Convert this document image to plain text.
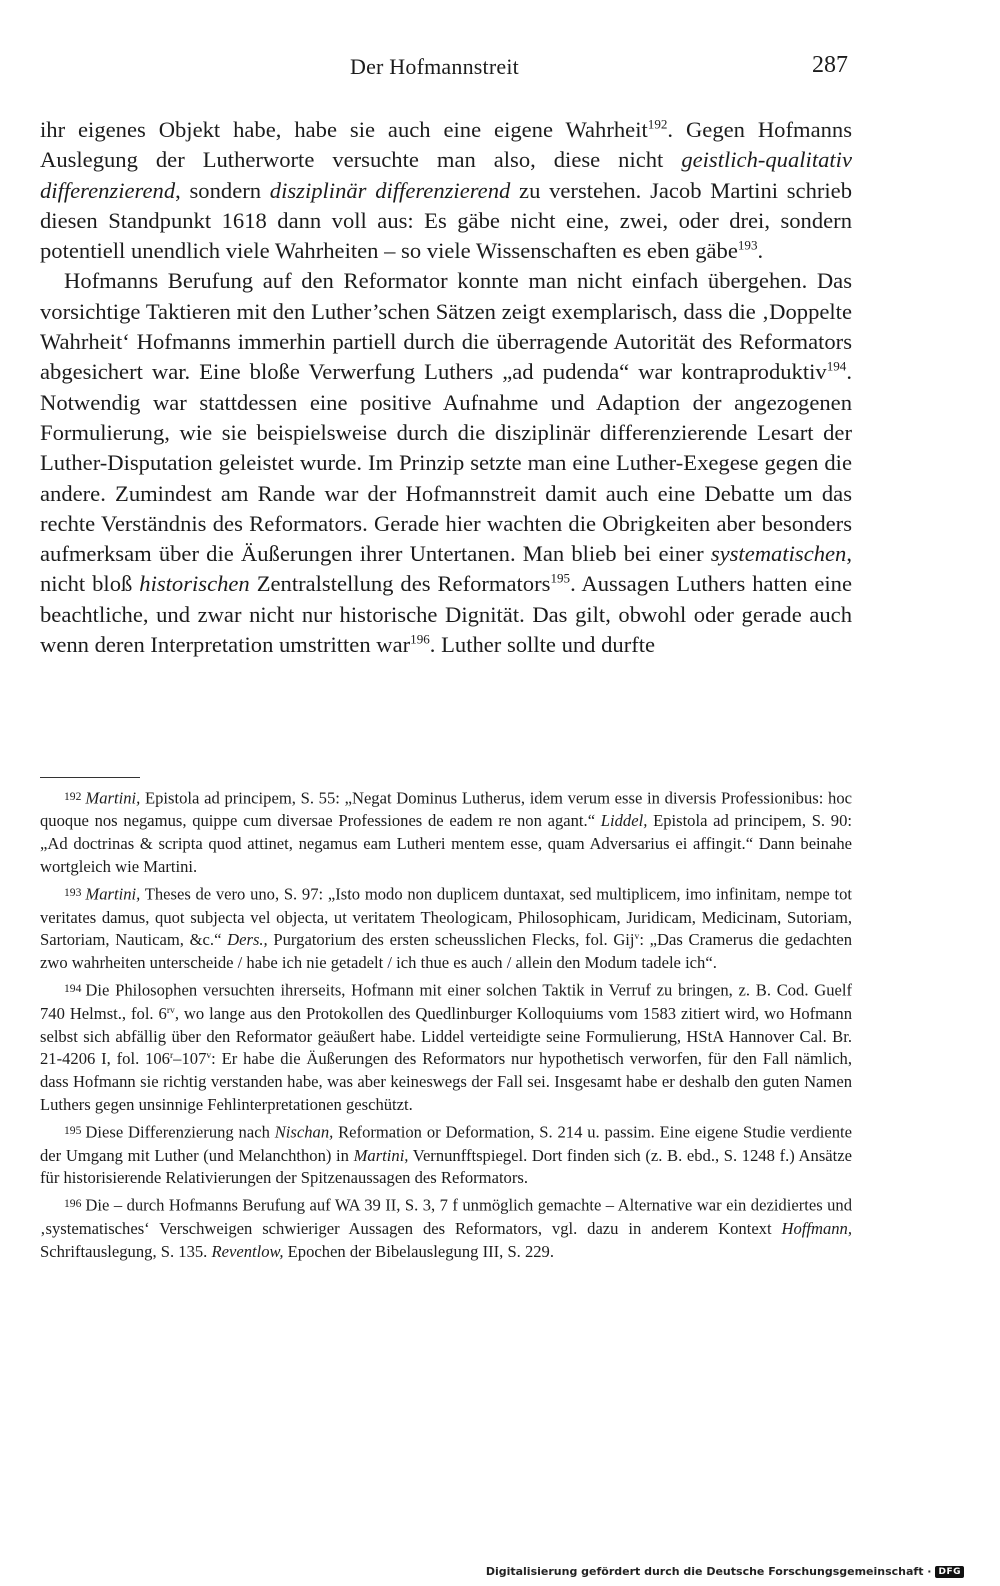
Der Hofmannstreit	287

ihr eigenes Objekt habe, habe sie auch eine eigene Wahrheit$^{192}$. Gegen Hofmanns Auslegung der Lutherworte versuchte man also, diese nicht geistlich-qualitativ differenzierend, sondern disziplinär differenzierend zu verstehen. Jacob Martini schrieb diesen Standpunkt 1618 dann voll aus: Es gäbe nicht eine, zwei, oder drei, sondern potentiell unendlich viele Wahrheiten – so viele Wissenschaften es eben gäbe$^{193}$.

Hofmanns Berufung auf den Reformator konnte man nicht einfach übergehen. Das vorsichtige Taktieren mit den Luther’schen Sätzen zeigt exemplarisch, dass die ‚Doppelte Wahrheit‘ Hofmanns immerhin partiell durch die überragende Autorität des Reformators abgesichert war. Eine bloße Verwerfung Luthers „ad pudenda“ war kontraproduktiv$^{194}$. Notwendig war stattdessen eine positive Aufnahme und Adaption der angezogenen Formulierung, wie sie beispielsweise durch die disziplinär differenzierende Lesart der Luther-Disputation geleistet wurde. Im Prinzip setzte man eine Luther-Exegese gegen die andere. Zumindest am Rande war der Hofmannstreit damit auch eine Debatte um das rechte Verständnis des Reformators. Gerade hier wachten die Obrigkeiten aber besonders aufmerksam über die Äußerungen ihrer Untertanen. Man blieb bei einer systematischen, nicht bloß historischen Zentralstellung des Reformators$^{195}$. Aussagen Luthers hatten eine beachtliche, und zwar nicht nur historische Dignität. Das gilt, obwohl oder gerade auch wenn deren Interpretation umstritten war$^{196}$. Luther sollte und durfte

$^{192}$ Martini, Epistola ad principem, S. 55: „Negat Dominus Lutherus, idem verum esse in diversis Professionibus: hoc quoque nos negamus, quippe cum diversae Professiones de eadem re non agant.“ Liddel, Epistola ad principem, S. 90: „Ad doctrinas & scripta quod attinet, negamus eam Lutheri mentem esse, quam Adversarius ei affingit.“ Dann beinahe wortgleich wie Martini.

$^{193}$ Martini, Theses de vero uno, S. 97: „Isto modo non duplicem duntaxat, sed multiplicem, imo infinitam, nempe tot veritates damus, quot subjecta vel objecta, ut veritatem Theologicam, Philosophicam, Juridicam, Medicinam, Sutoriam, Sartoriam, Nauticam, &c.“ Ders., Purgatorium des ersten scheusslichen Flecks, fol. Gij$^v$: „Das Cramerus die gedachten zwo wahrheiten unterscheide / habe ich nie getadelt / ich thue es auch / allein den Modum tadele ich“.

$^{194}$ Die Philosophen versuchten ihrerseits, Hofmann mit einer solchen Taktik in Verruf zu bringen, z. B. Cod. Guelf 740 Helmst., fol. $6^{rv}$, wo lange aus den Protokollen des Quedlinburger Kolloquiums vom 1583 zitiert wird, wo Hofmann selbst sich abfällig über den Reformator geäußert habe. Liddel verteidigte seine Formulierung, HStA Hannover Cal. Br. 21-4206 I, fol. 106$^r$–107$^v$: Er habe die Äußerungen des Reformators nur hypothetisch verworfen, für den Fall nämlich, dass Hofmann sie richtig verstanden habe, was aber keineswegs der Fall sei. Insgesamt habe er deshalb den guten Namen Luthers gegen unsinnige Fehlinterpretationen geschützt.

$^{195}$ Diese Differenzierung nach Nischan, Reformation or Deformation, S. 214 u. passim. Eine eigene Studie verdiente der Umgang mit Luther (und Melanchthon) in Martini, Vernunfftspiegel. Dort finden sich (z. B. ebd., S. 1248 f.) Ansätze für historisierende Relativierungen der Spitzenaussagen des Reformators.

$^{196}$ Die – durch Hofmanns Berufung auf WA 39 II, S. 3, 7 f unmöglich gemachte – Alternative war ein dezidiertes und ‚systematisches‘ Verschweigen schwieriger Aussagen des Reformators, vgl. dazu in anderem Kontext Hoffmann, Schriftauslegung, S. 135. Reventlow, Epochen der Bibelauslegung III, S. 229.

Digitalisierung gefördert durch die Deutsche Forschungsgemeinschaft · DFG
